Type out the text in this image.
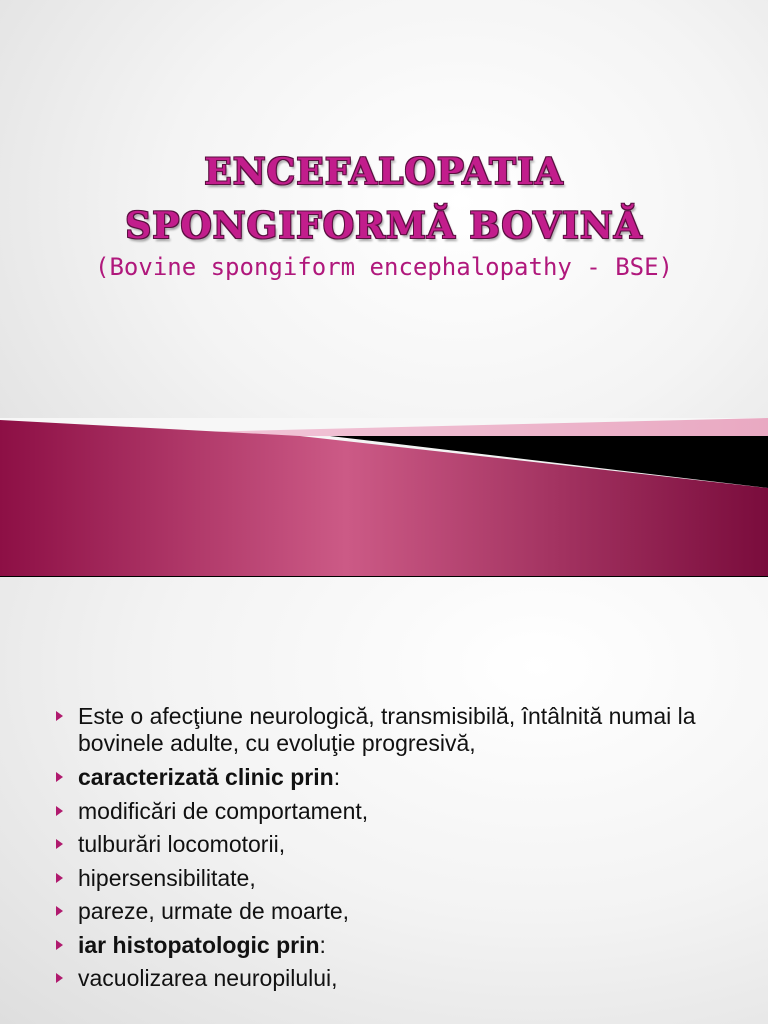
ENCEFALOPATIA
SPONGIFORMĂ BOVINĂ
(Bovine spongiform encephalopathy - BSE)
Este o afecţiune neurologică, transmisibilă, întâlnită numai la bovinele adulte, cu evoluţie progresivă,
caracterizată clinic prin:
modificări de comportament,
tulburări locomotorii,
hipersensibilitate,
pareze, urmate de moarte,
iar histopatologic prin:
vacuolizarea neuropilului,
